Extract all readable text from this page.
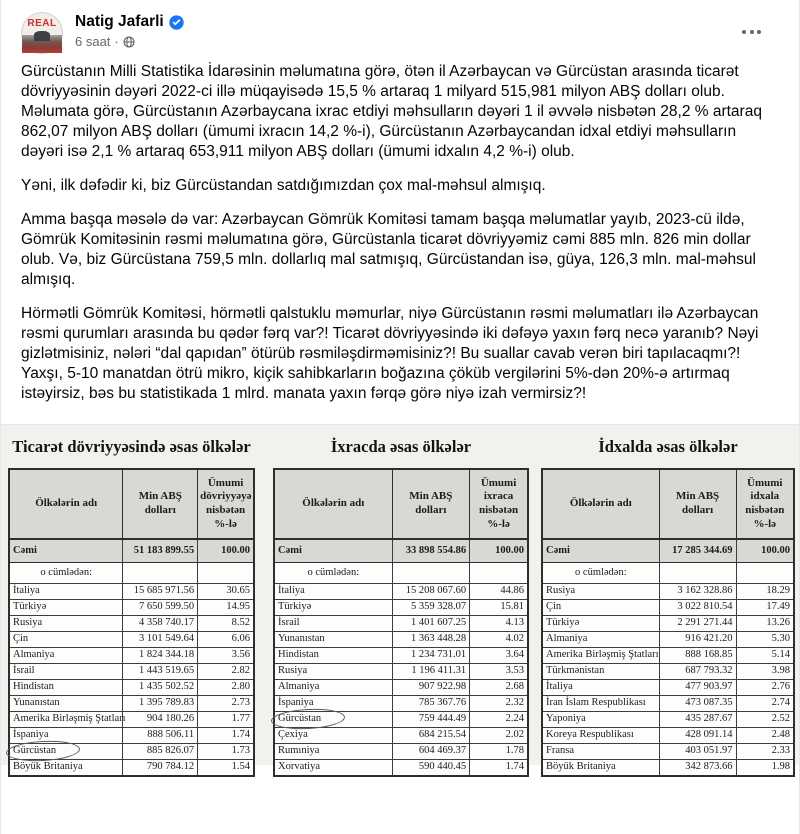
REAL	Natig Jafarli
6 saat ·

Gürcüstanın Milli Statistika İdarəsinin məlumatına görə, ötən il Azərbaycan və Gürcüstan arasında ticarət dövriyyəsinin dəyəri 2022-ci illə müqayisədə 15,5 % artaraq 1 milyard 515,981 milyon ABŞ dolları olub. Məlumata görə, Gürcüstanın Azərbaycana ixrac etdiyi məhsulların dəyəri 1 il əvvələ nisbətən 28,2 % artaraq 862,07 milyon ABŞ dolları (ümumi ixracın 14,2 %-i), Gürcüstanın Azərbaycandan idxal etdiyi məhsulların dəyəri isə 2,1 % artaraq 653,911 milyon ABŞ dolları (ümumi idxalın 4,2 %-i) olub.

Yəni, ilk dəfədir ki, biz Gürcüstandan satdığımızdan çox mal-məhsul almışıq.

Amma başqa məsələ də var: Azərbaycan Gömrük Komitəsi tamam başqa məlumatlar yayıb, 2023-cü ildə, Gömrük Komitəsinin rəsmi məlumatına görə, Gürcüstanla ticarət dövriyyəmiz cəmi 885 mln. 826 min dollar olub. Və, biz Gürcüstana 759,5 mln. dollarlıq mal satmışıq, Gürcüstandan isə, güya, 126,3 mln. mal-məhsul almışıq.

Hörmətli Gömrük Komitəsi, hörmətli qalstuklu məmurlar, niyə Gürcüstanın rəsmi məlumatları ilə Azərbaycan rəsmi qurumları arasında bu qədər fərq var?! Ticarət dövriyyəsində iki dəfəyə yaxın fərq necə yaranıb? Nəyi gizlətmisiniz, nələri “dal qapıdan” ötürüb rəsmiləşdirməmisiniz?! Bu suallar cavab verən biri tapılacaqmı?! Yaxşı, 5-10 manatdan ötrü mikro, kiçik sahibkarların boğazına çöküb vergilərini 5%-dən 20%-ə artırmaq istəyirsiz, bəs bu statistikada 1 mlrd. manata yaxın fərqə görə niyə izah vermirsiz?!

Ticarət dövriyyəsində əsas ölkələr	İxracda əsas ölkələr	İdxalda əsas ölkələr
Ölkələrin adı	Min ABŞ dolları	Ümumi dövriyyəyə nisbətən %-lə
Cəmi	51 183 899.55	100.00
o cümlədən:		
İtaliya	15 685 971.56	30.65
Türkiyə	7 650 599.50	14.95
Rusiya	4 358 740.17	8.52
Çin	3 101 549.64	6.06
Almaniya	1 824 344.18	3.56
İsrail	1 443 519.65	2.82
Hindistan	1 435 502.52	2.80
Yunanıstan	1 395 789.83	2.73
Amerika Birləşmiş Ştatları	904 180.26	1.77
İspaniya	888 506.11	1.74
Gürcüstan	885 826.07	1.73
Böyük Britaniya	790 784.12	1.54
Ölkələrin adı	Min ABŞ dolları	Ümumi ixraca nisbətən %-lə
Cəmi	33 898 554.86	100.00
o cümlədən:		
İtaliya	15 208 067.60	44.86
Türkiyə	5 359 328.07	15.81
İsrail	1 401 607.25	4.13
Yunanıstan	1 363 448.28	4.02
Hindistan	1 234 731.01	3.64
Rusiya	1 196 411.31	3.53
Almaniya	907 922.98	2.68
İspaniya	785 367.76	2.32
Gürcüstan	759 444.49	2.24
Çexiya	684 215.54	2.02
Rumıniya	604 469.37	1.78
Xorvatiya	590 440.45	1.74
Ölkələrin adı	Min ABŞ dolları	Ümumi idxala nisbətən %-lə
Cəmi	17 285 344.69	100.00
o cümlədən:		
Rusiya	3 162 328.86	18.29
Çin	3 022 810.54	17.49
Türkiyə	2 291 271.44	13.26
Almaniya	916 421.20	5.30
Amerika Birləşmiş Ştatları	888 168.85	5.14
Türkmənistan	687 793.32	3.98
İtaliya	477 903.97	2.76
İran İslam Respublikası	473 087.35	2.74
Yaponiya	435 287.67	2.52
Koreya Respublikası	428 091.14	2.48
Fransa	403 051.97	2.33
Böyük Britaniya	342 873.66	1.98
